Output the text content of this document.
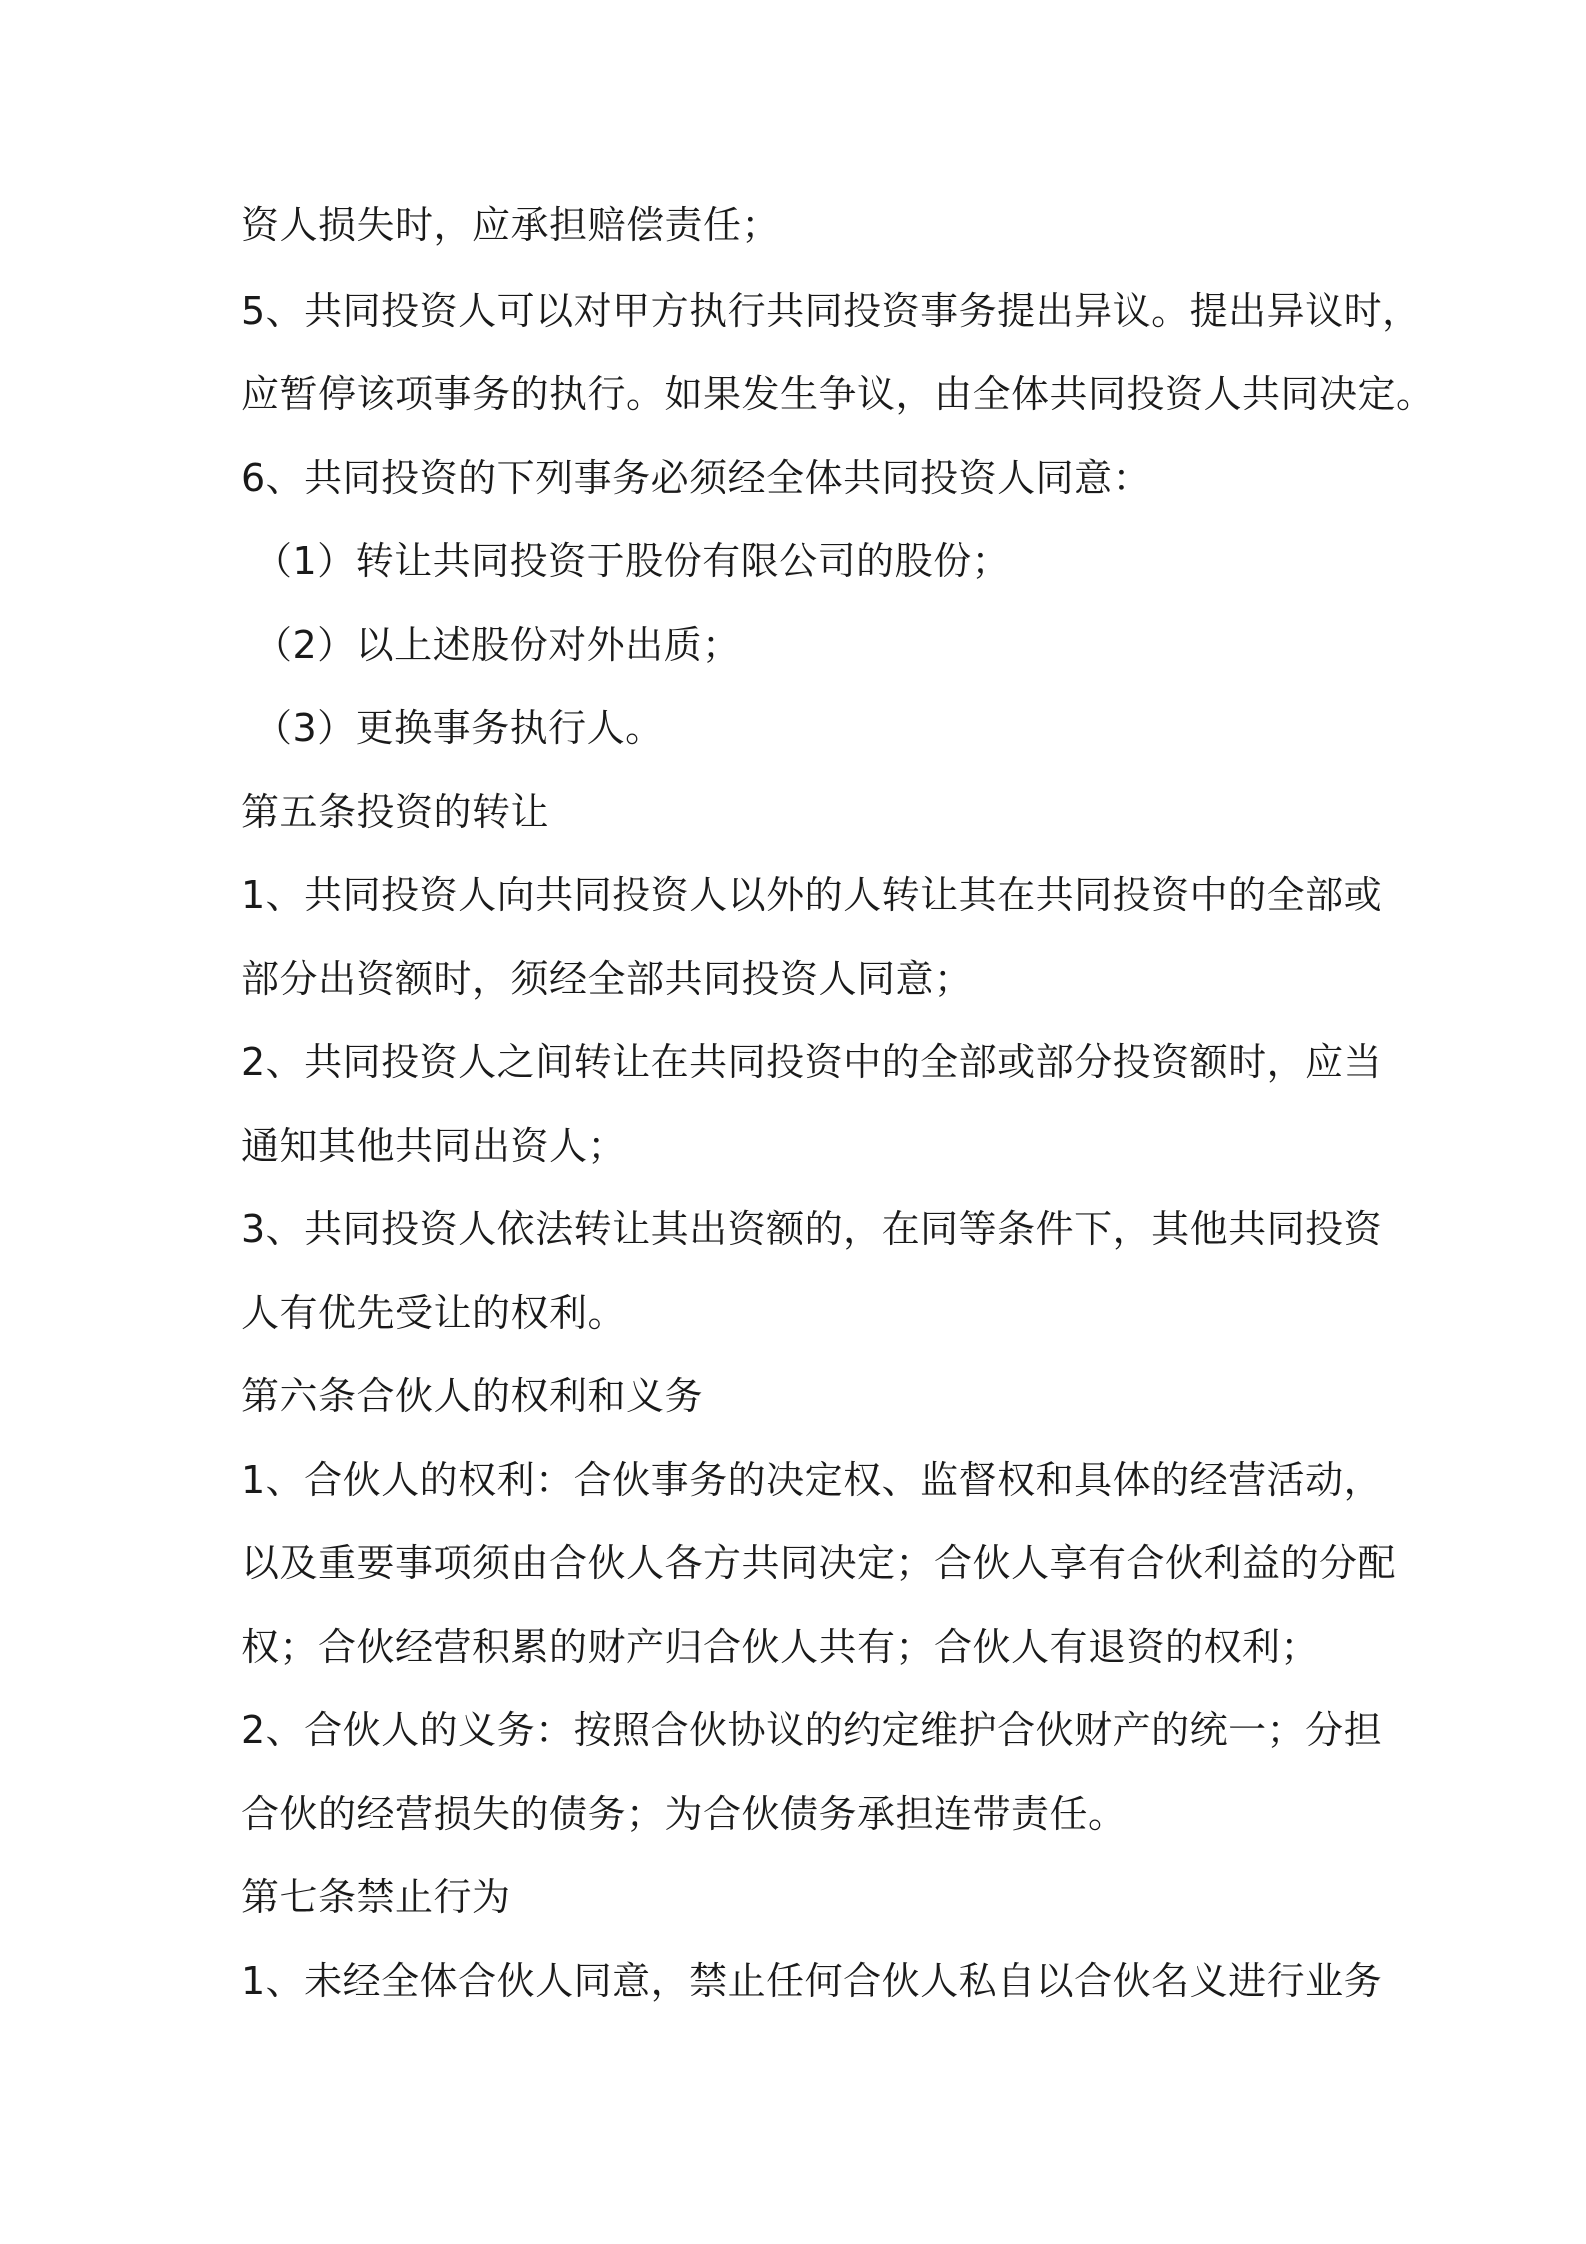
资人损失时，应承担赔偿责任；
5、共同投资人可以对甲方执行共同投资事务提出异议。提出异议时，
应暂停该项事务的执行。如果发生争议，由全体共同投资人共同决定。
6、共同投资的下列事务必须经全体共同投资人同意：
（1）转让共同投资于股份有限公司的股份；
（2）以上述股份对外出质；
（3）更换事务执行人。
第五条投资的转让
1、共同投资人向共同投资人以外的人转让其在共同投资中的全部或
部分出资额时，须经全部共同投资人同意；
2、共同投资人之间转让在共同投资中的全部或部分投资额时，应当
通知其他共同出资人；
3、共同投资人依法转让其出资额的，在同等条件下，其他共同投资
人有优先受让的权利。
第六条合伙人的权利和义务
1、合伙人的权利：合伙事务的决定权、监督权和具体的经营活动，
以及重要事项须由合伙人各方共同决定；合伙人享有合伙利益的分配
权；合伙经营积累的财产归合伙人共有；合伙人有退资的权利；
2、合伙人的义务：按照合伙协议的约定维护合伙财产的统一；分担
合伙的经营损失的债务；为合伙债务承担连带责任。
第七条禁止行为
1、未经全体合伙人同意，禁止任何合伙人私自以合伙名义进行业务
